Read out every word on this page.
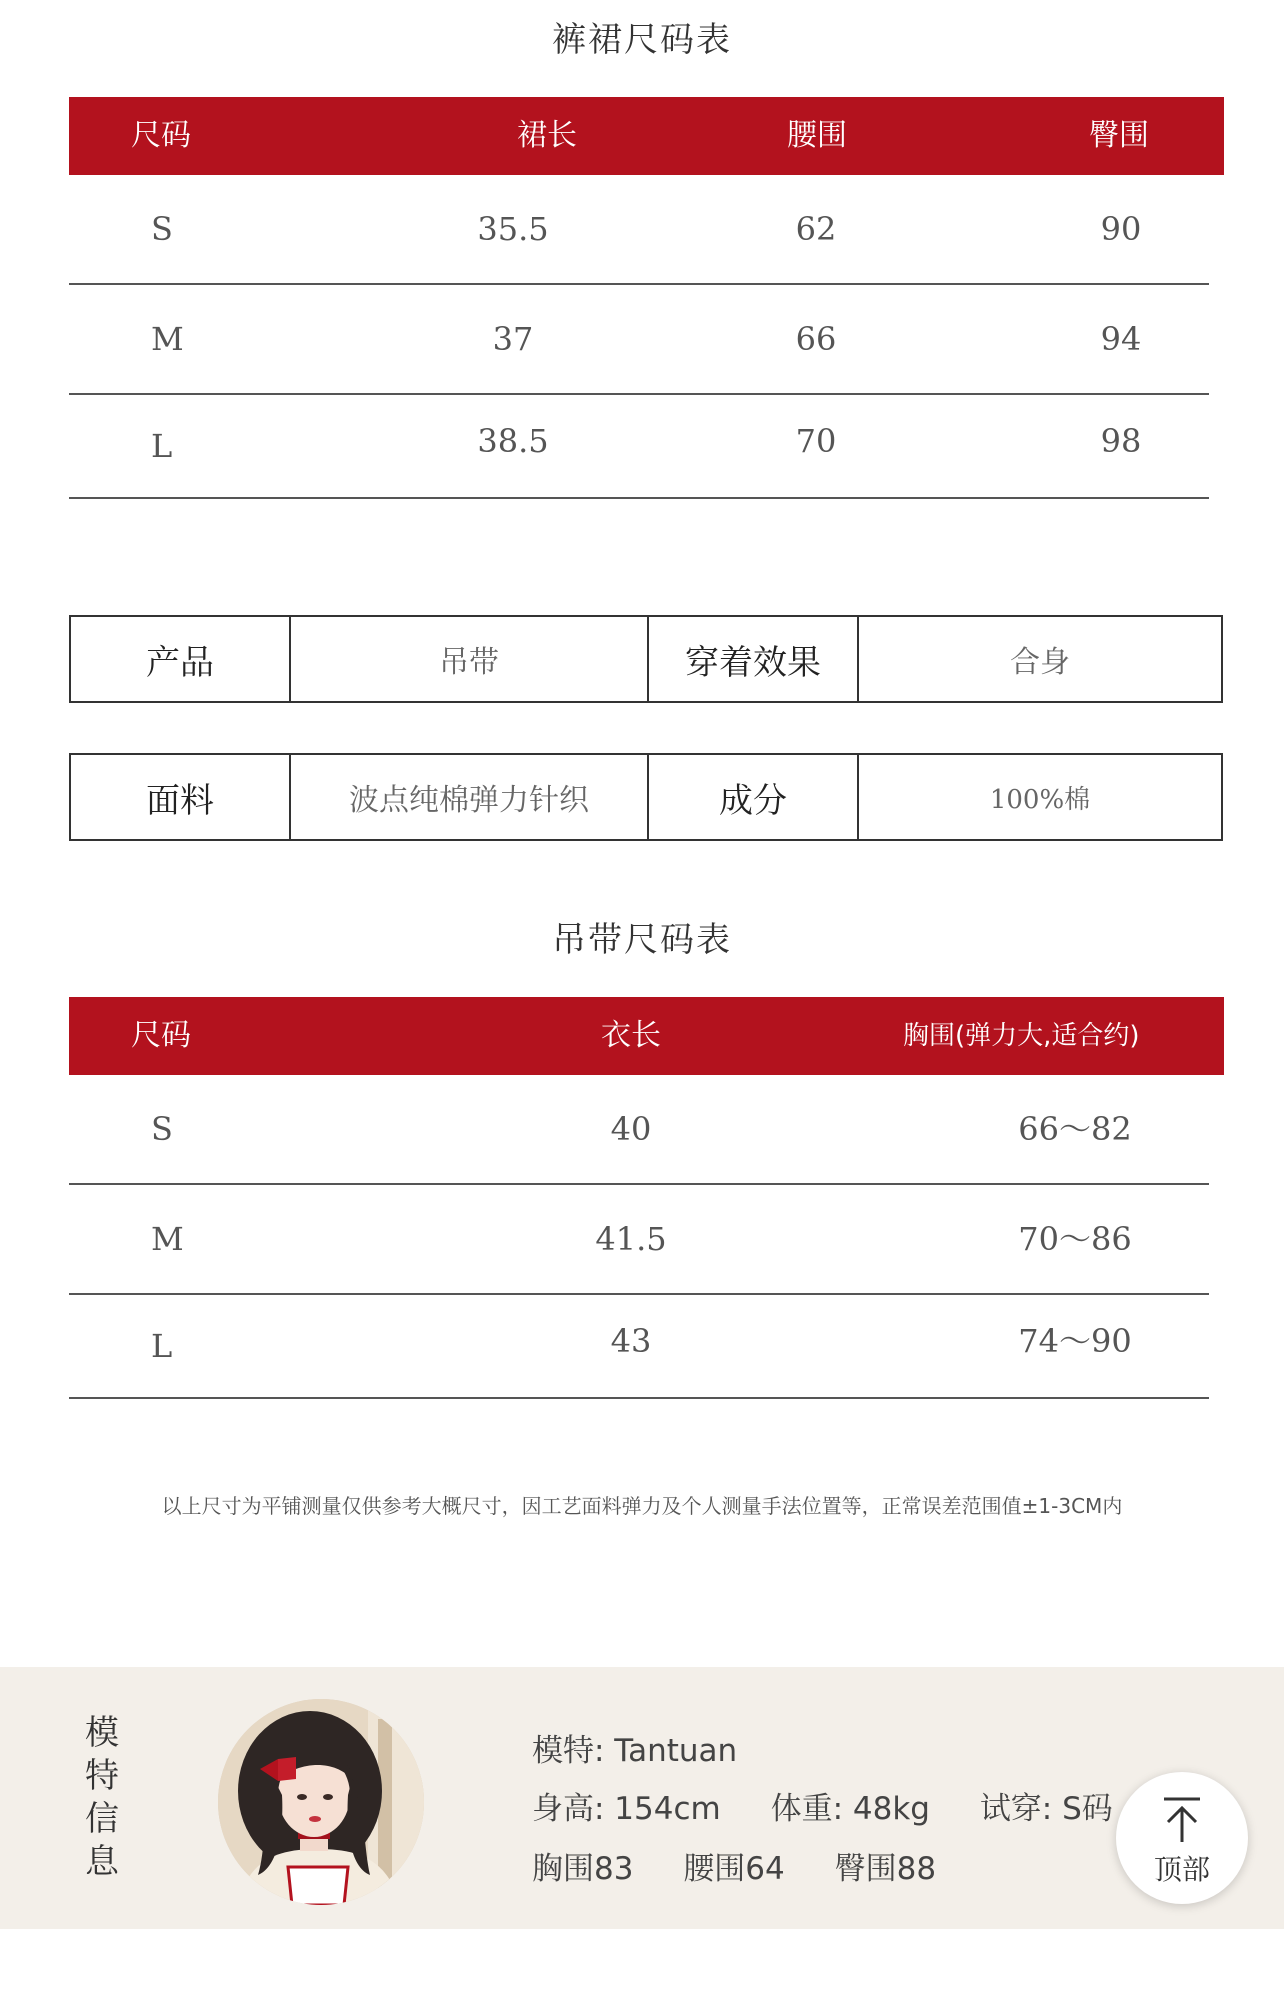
裤裙尺码表
尺码	裙长	腰围	臀围
S	35.5	62	90
M	37	66	94
L	38.5	70	98
产品	吊带	穿着效果	合身
面料	波点纯棉弹力针织	成分	100%棉
吊带尺码表
尺码	衣长	胸围(弹力大,适合约)
S	40	66～82
M	41.5	70～86
L	43	74～90
以上尺寸为平铺测量仅供参考大概尺寸，因工艺面料弹力及个人测量手法位置等，正常误差范围值±1-3CM内
模
特
信
息
模特: Tantuan
身高: 154cm 体重: 48kg 试穿: S码
胸围83 腰围64 臀围88	顶部
